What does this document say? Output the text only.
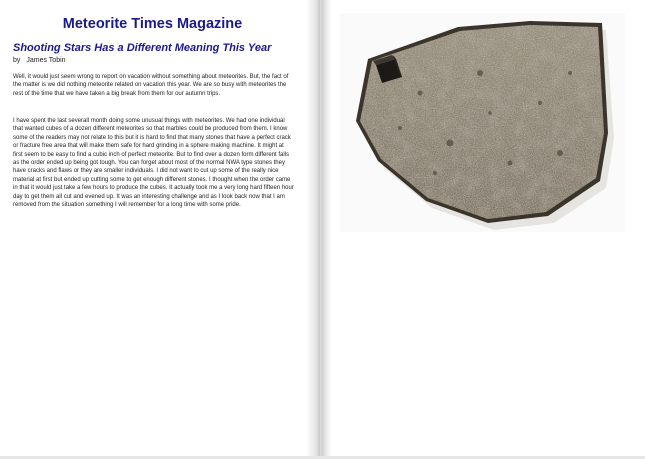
Meteorite Times Magazine
Shooting Stars Has a Different Meaning This Year

by James Tobin

Well, it would just seem wrong to report on vacation without something about meteorites. But, the fact of the matter is we did nothing meteorite related on vacation this year. We are so busy with meteorites the rest of the time that we have taken a big break from them for our autumn trips.

I have spent the last severall month doing some unusual things with meteorites. We had one individual that wanted cubes of a dozen different meteorites so that marbles could be produced from them. I know some of the readers may not relate to this but it is hard to find that many stones that have a perfect crack or fracture free area that will make them safe for hard grinding in a sphere making machine. It might at first seem to be easy to find a cubic inch of perfect meteorite. But to find over a dozen form different falls as the order ended up being got tough. You can forget about most of the normal NWA type stones they have cracks and flaws or they are smaller individuals. I did not want to cut up some of the really nice material at first but ended up cutting some to get enough different stones. I thought when the order came in that it would just take a few hours to produce the cubes. It actually took me a very long hard fifteen hour day to get them all cut and evened up. It was an interesting challenge and as I look back now that I am removed from the situation something I will remember for a long time with some pride.
